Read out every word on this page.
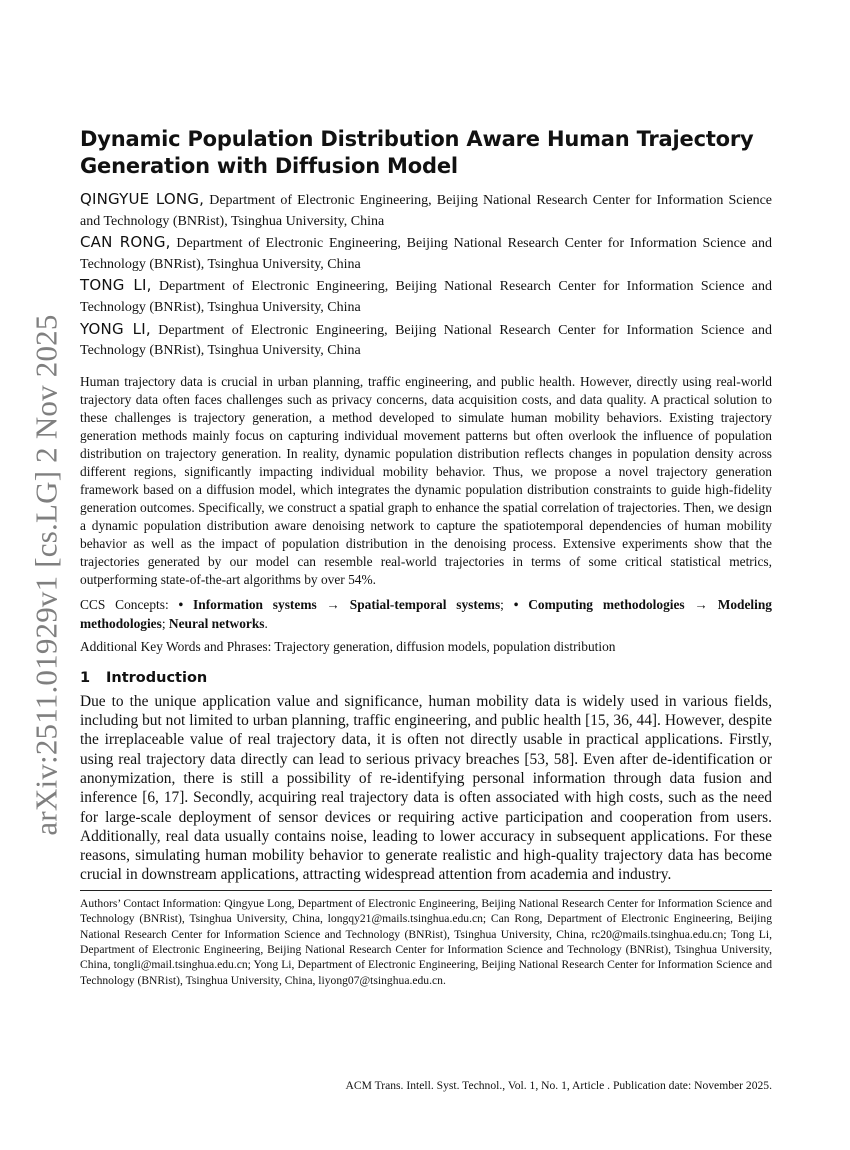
arXiv:2511.01929v1 [cs.LG] 2 Nov 2025
Dynamic Population Distribution Aware Human Trajectory Generation with Diffusion Model

QINGYUE LONG, Department of Electronic Engineering, Beijing National Research Center for Information Science and Technology (BNRist), Tsinghua University, China

CAN RONG, Department of Electronic Engineering, Beijing National Research Center for Information Science and Technology (BNRist), Tsinghua University, China

TONG LI, Department of Electronic Engineering, Beijing National Research Center for Information Science and Technology (BNRist), Tsinghua University, China

YONG LI, Department of Electronic Engineering, Beijing National Research Center for Information Science and Technology (BNRist), Tsinghua University, China

Human trajectory data is crucial in urban planning, traffic engineering, and public health. However, directly using real-world trajectory data often faces challenges such as privacy concerns, data acquisition costs, and data quality. A practical solution to these challenges is trajectory generation, a method developed to simulate human mobility behaviors. Existing trajectory generation methods mainly focus on capturing individual movement patterns but often overlook the influence of population distribution on trajectory generation. In reality, dynamic population distribution reflects changes in population density across different regions, significantly impacting individual mobility behavior. Thus, we propose a novel trajectory generation framework based on a diffusion model, which integrates the dynamic population distribution constraints to guide high-fidelity generation outcomes. Specifically, we construct a spatial graph to enhance the spatial correlation of trajectories. Then, we design a dynamic population distribution aware denoising network to capture the spatiotemporal dependencies of human mobility behavior as well as the impact of population distribution in the denoising process. Extensive experiments show that the trajectories generated by our model can resemble real-world trajectories in terms of some critical statistical metrics, outperforming state-of-the-art algorithms by over 54%.

CCS Concepts: • Information systems → Spatial-temporal systems; • Computing methodologies → Modeling methodologies; Neural networks.

Additional Key Words and Phrases: Trajectory generation, diffusion models, population distribution

1 Introduction

Due to the unique application value and significance, human mobility data is widely used in various fields, including but not limited to urban planning, traffic engineering, and public health [15, 36, 44]. However, despite the irreplaceable value of real trajectory data, it is often not directly usable in practical applications. Firstly, using real trajectory data directly can lead to serious privacy breaches [53, 58]. Even after de-identification or anonymization, there is still a possibility of re-identifying personal information through data fusion and inference [6, 17]. Secondly, acquiring real trajectory data is often associated with high costs, such as the need for large-scale deployment of sensor devices or requiring active participation and cooperation from users. Additionally, real data usually contains noise, leading to lower accuracy in subsequent applications. For these reasons, simulating human mobility behavior to generate realistic and high-quality trajectory data has become crucial in downstream applications, attracting widespread attention from academia and industry.

Authors’ Contact Information: Qingyue Long, Department of Electronic Engineering, Beijing National Research Center for Information Science and Technology (BNRist), Tsinghua University, China, longqy21@mails.tsinghua.edu.cn; Can Rong, Department of Electronic Engineering, Beijing National Research Center for Information Science and Technology (BNRist), Tsinghua University, China, rc20@mails.tsinghua.edu.cn; Tong Li, Department of Electronic Engineering, Beijing National Research Center for Information Science and Technology (BNRist), Tsinghua University, China, tongli@mail.tsinghua.edu.cn; Yong Li, Department of Electronic Engineering, Beijing National Research Center for Information Science and Technology (BNRist), Tsinghua University, China, liyong07@tsinghua.edu.cn.

ACM Trans. Intell. Syst. Technol., Vol. 1, No. 1, Article . Publication date: November 2025.
